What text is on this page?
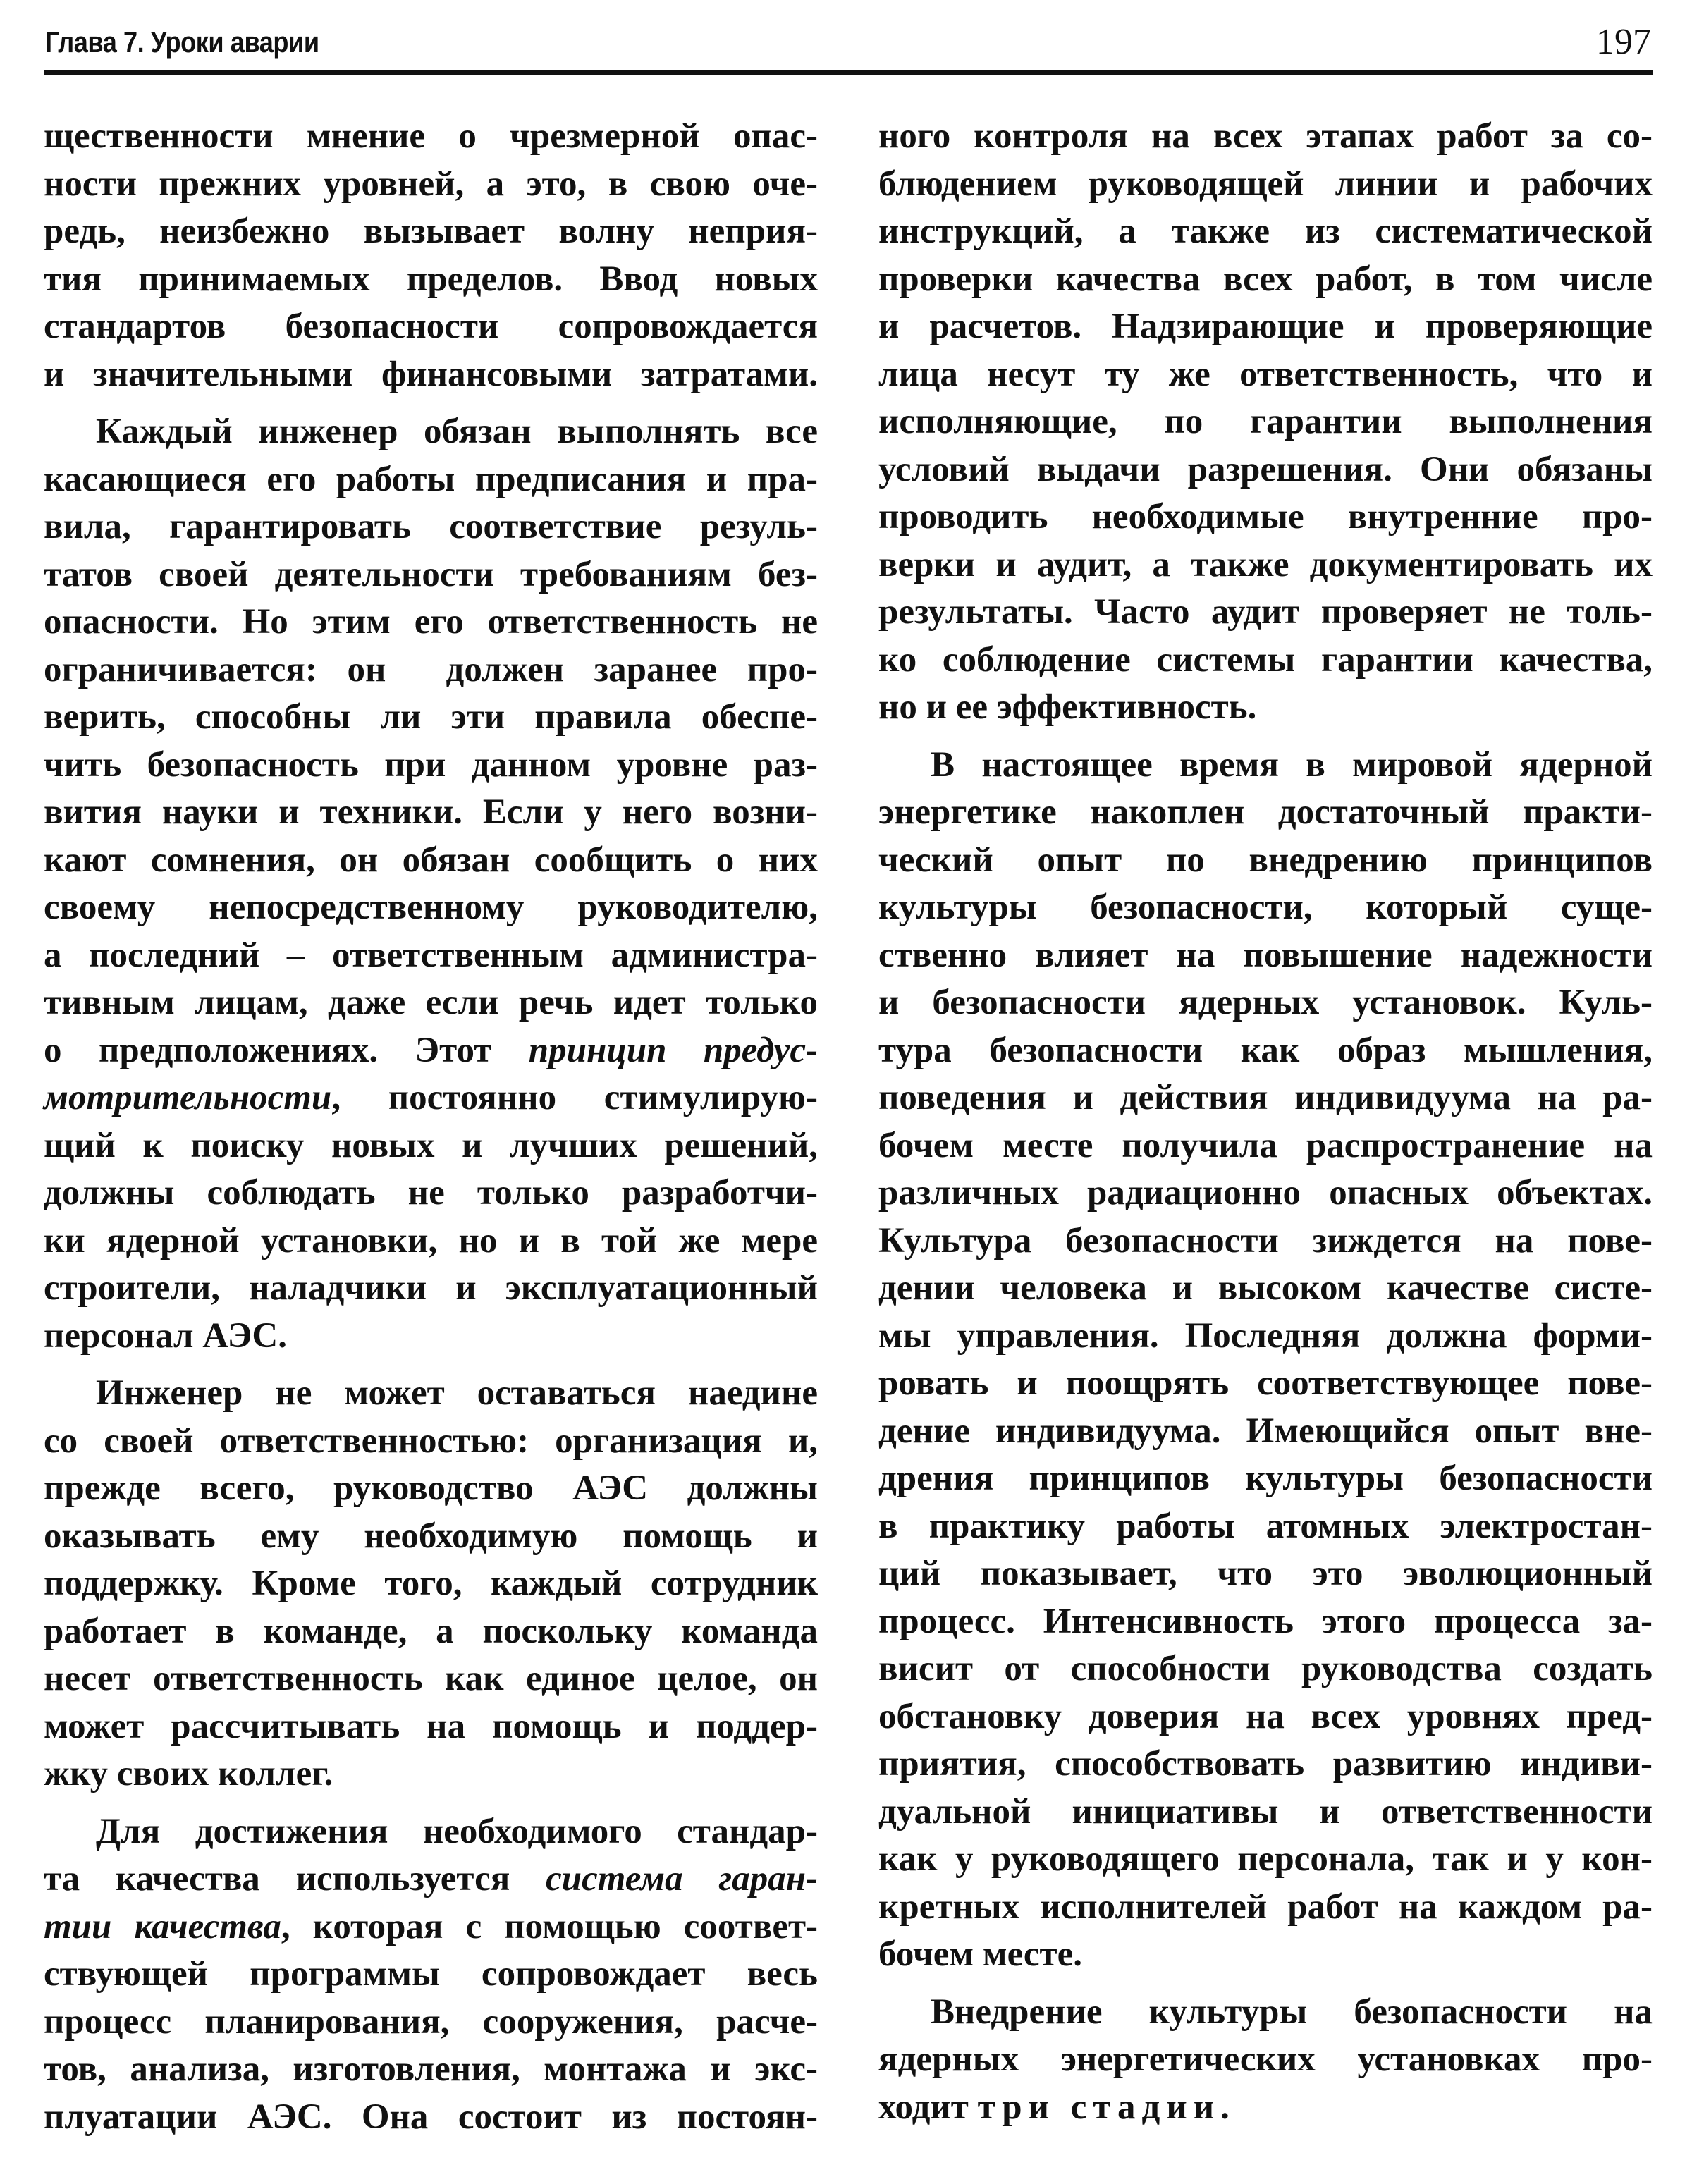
Глава 7. Уроки аварии	197
щественности мнение о чрезмерной опас-
ности прежних уровней, а это, в свою оче-
редь, неизбежно вызывает волну неприя-
тия принимаемых пределов. Ввод новых
стандартов безопасности сопровождается
и значительными финансовыми затратами.
Каждый инженер обязан выполнять все
касающиеся его работы предписания и пра-
вила, гарантировать соответствие резуль-
татов своей деятельности требованиям без-
опасности. Но этим его ответственность не
ограничивается: он  должен заранее про-
верить, способны ли эти правила обеспе-
чить безопасность при данном уровне раз-
вития науки и техники. Если у него возни-
кают сомнения, он обязан сообщить о них
своему непосредственному руководителю,
а последний – ответственным администра-
тивным лицам, даже если речь идет только
о предположениях. Этот принцип предус-
мотрительности, постоянно стимулирую-
щий к поиску новых и лучших решений,
должны соблюдать не только разработчи-
ки ядерной установки, но и в той же мере
строители, наладчики и эксплуатационный
персонал АЭС.
Инженер не может оставаться наедине
со своей ответственностью: организация и,
прежде всего, руководство АЭС должны
оказывать ему необходимую помощь и
поддержку. Кроме того, каждый сотрудник
работает в команде, а поскольку команда
несет ответственность как единое целое, он
может рассчитывать на помощь и поддер-
жку своих коллег.
Для достижения необходимого стандар-
та качества используется система гаран-
тии качества, которая с помощью соответ-
ствующей программы сопровождает весь
процесс планирования, сооружения, расче-
тов, анализа, изготовления, монтажа и экс-
плуатации АЭС. Она состоит из постоян-
ного контроля на всех этапах работ за со-
блюдением руководящей линии и рабочих
инструкций, а также из систематической
проверки качества всех работ, в том числе
и расчетов. Надзирающие и проверяющие
лица несут ту же ответственность, что и
исполняющие, по гарантии выполнения
условий выдачи разрешения. Они обязаны
проводить необходимые внутренние про-
верки и аудит, а также документировать их
результаты. Часто аудит проверяет не толь-
ко соблюдение системы гарантии качества,
но и ее эффективность.
В настоящее время в мировой ядерной
энергетике накоплен достаточный практи-
ческий опыт по внедрению принципов
культуры безопасности, который суще-
ственно влияет на повышение надежности
и безопасности ядерных установок. Куль-
тура безопасности как образ мышления,
поведения и действия индивидуума на ра-
бочем месте получила распространение на
различных радиационно опасных объектах.
Культура безопасности зиждется на пове-
дении человека и высоком качестве систе-
мы управления. Последняя должна форми-
ровать и поощрять соответствующее пове-
дение индивидуума. Имеющийся опыт вне-
дрения принципов культуры безопасности
в практику работы атомных электростан-
ций показывает, что это эволюционный
процесс. Интенсивность этого процесса за-
висит от способности руководства создать
обстановку доверия на всех уровнях пред-
приятия, способствовать развитию индиви-
дуальной инициативы и ответственности
как у руководящего персонала, так и у кон-
кретных исполнителей работ на каждом ра-
бочем месте.
Внедрение культуры безопасности на
ядерных энергетических установках про-
ходит три стадии.
